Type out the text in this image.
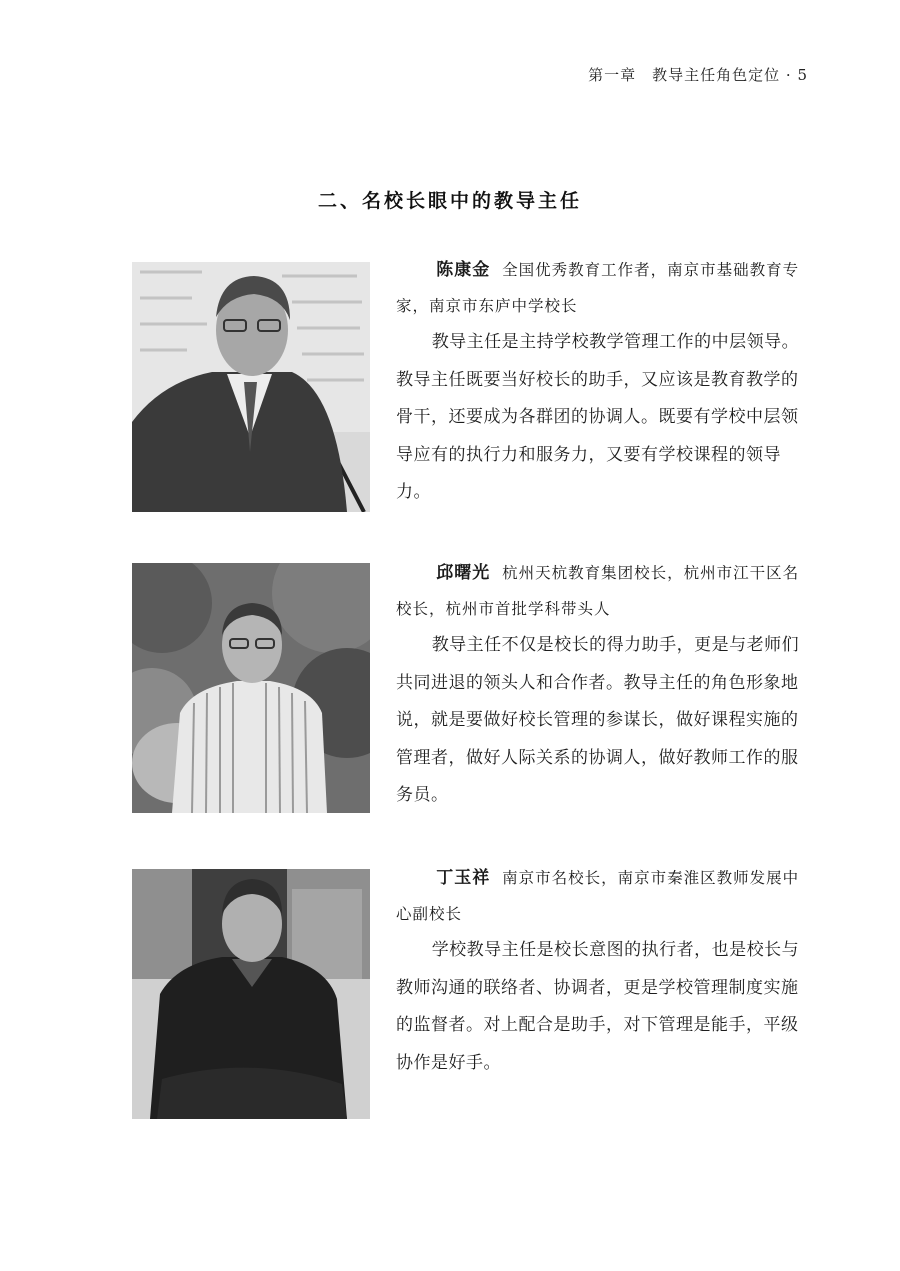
第一章　教导主任角色定位 · 5
二、名校长眼中的教导主任

陈康金 全国优秀教育工作者，南京市基础教育专家，南京市东庐中学校长

教导主任是主持学校教学管理工作的中层领导。教导主任既要当好校长的助手，又应该是教育教学的骨干，还要成为各群团的协调人。既要有学校中层领导应有的执行力和服务力，又要有学校课程的领导力。

邱曙光 杭州天杭教育集团校长，杭州市江干区名校长，杭州市首批学科带头人

教导主任不仅是校长的得力助手，更是与老师们共同进退的领头人和合作者。教导主任的角色形象地说，就是要做好校长管理的参谋长，做好课程实施的管理者，做好人际关系的协调人，做好教师工作的服务员。

丁玉祥 南京市名校长，南京市秦淮区教师发展中心副校长

学校教导主任是校长意图的执行者，也是校长与教师沟通的联络者、协调者，更是学校管理制度实施的监督者。对上配合是助手，对下管理是能手，平级协作是好手。
